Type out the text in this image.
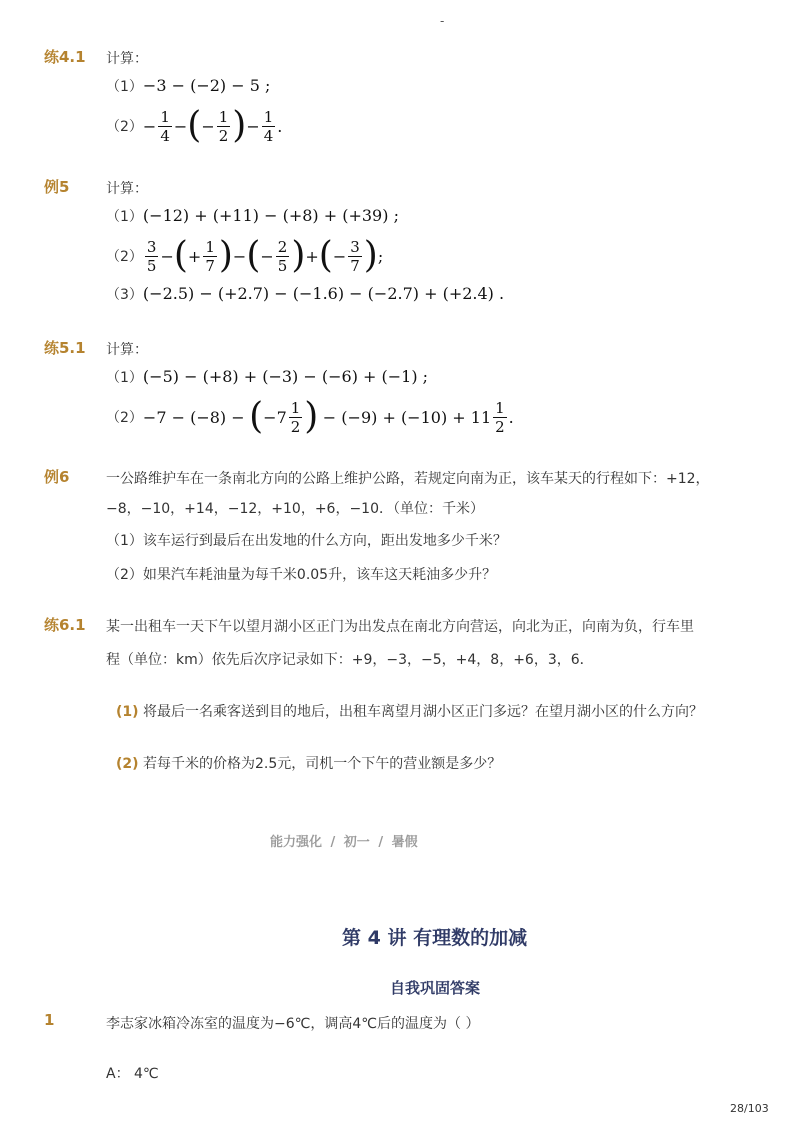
-
练4.1 计算：
（1）−3 − (−2) − 5 ;
$(2) - \frac{1}{4}$ − ( − $\frac{1}{2}$ ) − $\frac{1}{4}$ .
例5	计算：
（1）(−12) + (+11) − (+8) + (+39) ;
$(2) \frac{3}{5}$ − ( + $\frac{1}{7}$ ) − ( − $\frac{2}{5}$ ) + ( − $\frac{3}{7}$ ) ;
（3）(−2.5) − (+2.7) − (−1.6) − (−2.7) + (+2.4) .
练5.1 计算：
（1）(−5) − (+8) + (−3) − (−6) + (−1) ;
（2） −7 − (−8) −
( $-7 \frac{1}{2}$ )
− $(-9) + (-10) + 11 \frac{1}{2}$ .
例6	一公路维护车在一条南北方向的公路上维护公路，若规定向南为正，该车某天的行程如下：+12，
−8，−10，+14，−12，+10，+6，−10．（单位：千米）
（1）该车运行到最后在出发地的什么方向，距出发地多少千米？
（2）如果汽车耗油量为每千米0.05升，该车这天耗油多少升？
练6.1 某一出租车一天下午以望月湖小区正门为出发点在南北方向营运，向北为正，向南为负，行车里
程（单位：km）依先后次序记录如下：+9，−3，−5，+4，8，+6，3，6．
(1) 将最后一名乘客送到目的地后，出租车离望月湖小区正门多远？在望月湖小区的什么方向？
(2) 若每千米的价格为2.5元，司机一个下午的营业额是多少？
能力强化 / 初一 / 暑假
第 4 讲 有理数的加减
自我巩固答案
1	李志家冰箱冷冻室的温度为−6℃，调高4℃后的温度为（ ）
A： 4℃
28/103
